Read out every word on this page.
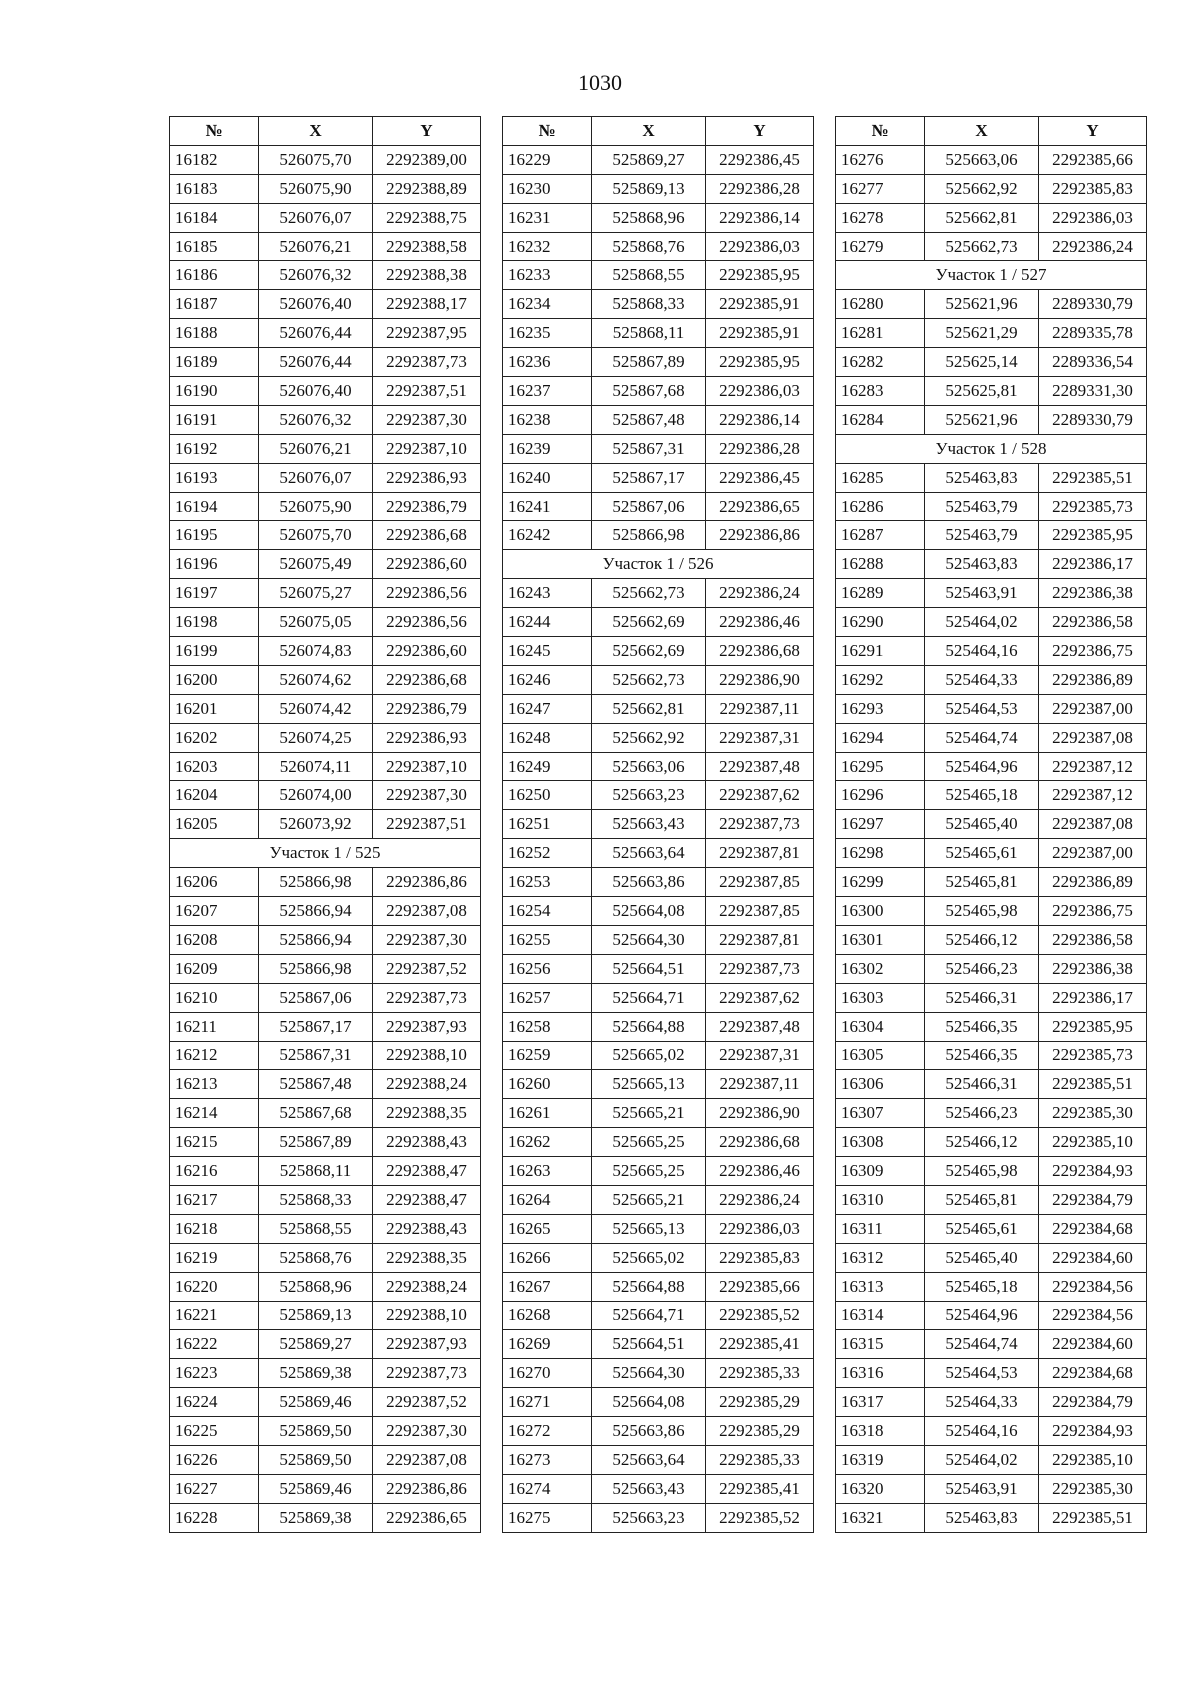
1030
№	X	Y
16182	526075,70	2292389,00
16183	526075,90	2292388,89
16184	526076,07	2292388,75
16185	526076,21	2292388,58
16186	526076,32	2292388,38
16187	526076,40	2292388,17
16188	526076,44	2292387,95
16189	526076,44	2292387,73
16190	526076,40	2292387,51
16191	526076,32	2292387,30
16192	526076,21	2292387,10
16193	526076,07	2292386,93
16194	526075,90	2292386,79
16195	526075,70	2292386,68
16196	526075,49	2292386,60
16197	526075,27	2292386,56
16198	526075,05	2292386,56
16199	526074,83	2292386,60
16200	526074,62	2292386,68
16201	526074,42	2292386,79
16202	526074,25	2292386,93
16203	526074,11	2292387,10
16204	526074,00	2292387,30
16205	526073,92	2292387,51
Участок 1 / 525		
16206	525866,98	2292386,86
16207	525866,94	2292387,08
16208	525866,94	2292387,30
16209	525866,98	2292387,52
16210	525867,06	2292387,73
16211	525867,17	2292387,93
16212	525867,31	2292388,10
16213	525867,48	2292388,24
16214	525867,68	2292388,35
16215	525867,89	2292388,43
16216	525868,11	2292388,47
16217	525868,33	2292388,47
16218	525868,55	2292388,43
16219	525868,76	2292388,35
16220	525868,96	2292388,24
16221	525869,13	2292388,10
16222	525869,27	2292387,93
16223	525869,38	2292387,73
16224	525869,46	2292387,52
16225	525869,50	2292387,30
16226	525869,50	2292387,08
16227	525869,46	2292386,86
16228	525869,38	2292386,65
№	X	Y
16229	525869,27	2292386,45
16230	525869,13	2292386,28
16231	525868,96	2292386,14
16232	525868,76	2292386,03
16233	525868,55	2292385,95
16234	525868,33	2292385,91
16235	525868,11	2292385,91
16236	525867,89	2292385,95
16237	525867,68	2292386,03
16238	525867,48	2292386,14
16239	525867,31	2292386,28
16240	525867,17	2292386,45
16241	525867,06	2292386,65
16242	525866,98	2292386,86
Участок 1 / 526		
16243	525662,73	2292386,24
16244	525662,69	2292386,46
16245	525662,69	2292386,68
16246	525662,73	2292386,90
16247	525662,81	2292387,11
16248	525662,92	2292387,31
16249	525663,06	2292387,48
16250	525663,23	2292387,62
16251	525663,43	2292387,73
16252	525663,64	2292387,81
16253	525663,86	2292387,85
16254	525664,08	2292387,85
16255	525664,30	2292387,81
16256	525664,51	2292387,73
16257	525664,71	2292387,62
16258	525664,88	2292387,48
16259	525665,02	2292387,31
16260	525665,13	2292387,11
16261	525665,21	2292386,90
16262	525665,25	2292386,68
16263	525665,25	2292386,46
16264	525665,21	2292386,24
16265	525665,13	2292386,03
16266	525665,02	2292385,83
16267	525664,88	2292385,66
16268	525664,71	2292385,52
16269	525664,51	2292385,41
16270	525664,30	2292385,33
16271	525664,08	2292385,29
16272	525663,86	2292385,29
16273	525663,64	2292385,33
16274	525663,43	2292385,41
16275	525663,23	2292385,52
№	X	Y
16276	525663,06	2292385,66
16277	525662,92	2292385,83
16278	525662,81	2292386,03
16279	525662,73	2292386,24
Участок 1 / 527		
16280	525621,96	2289330,79
16281	525621,29	2289335,78
16282	525625,14	2289336,54
16283	525625,81	2289331,30
16284	525621,96	2289330,79
Участок 1 / 528		
16285	525463,83	2292385,51
16286	525463,79	2292385,73
16287	525463,79	2292385,95
16288	525463,83	2292386,17
16289	525463,91	2292386,38
16290	525464,02	2292386,58
16291	525464,16	2292386,75
16292	525464,33	2292386,89
16293	525464,53	2292387,00
16294	525464,74	2292387,08
16295	525464,96	2292387,12
16296	525465,18	2292387,12
16297	525465,40	2292387,08
16298	525465,61	2292387,00
16299	525465,81	2292386,89
16300	525465,98	2292386,75
16301	525466,12	2292386,58
16302	525466,23	2292386,38
16303	525466,31	2292386,17
16304	525466,35	2292385,95
16305	525466,35	2292385,73
16306	525466,31	2292385,51
16307	525466,23	2292385,30
16308	525466,12	2292385,10
16309	525465,98	2292384,93
16310	525465,81	2292384,79
16311	525465,61	2292384,68
16312	525465,40	2292384,60
16313	525465,18	2292384,56
16314	525464,96	2292384,56
16315	525464,74	2292384,60
16316	525464,53	2292384,68
16317	525464,33	2292384,79
16318	525464,16	2292384,93
16319	525464,02	2292385,10
16320	525463,91	2292385,30
16321	525463,83	2292385,51
